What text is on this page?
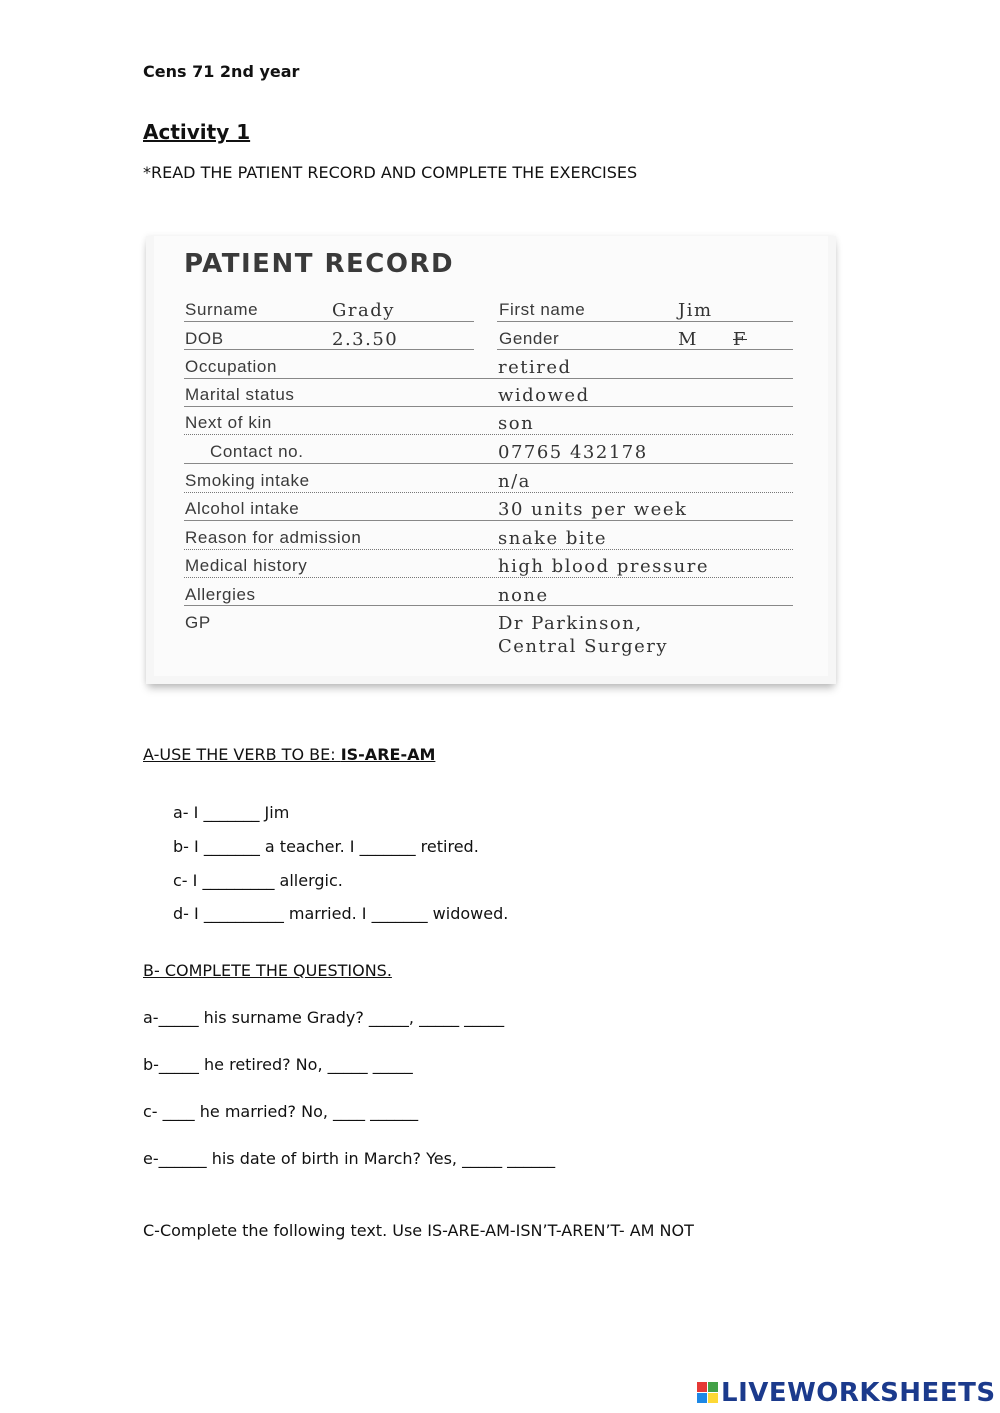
Cens 71 2nd year
Activity 1
*READ THE PATIENT RECORD AND COMPLETE THE EXERCISES
PATIENT RECORD
Surname	Grady	First name	Jim
DOB	2.3.50	Gender	M F
Occupation	retired
Marital status	widowed
Next of kin	son
Contact no.	07765 432178
Smoking intake	n/a
Alcohol intake	30 units per week
Reason for admission	snake bite
Medical history	high blood pressure
Allergies	none
GP	Dr Parkinson,
Central Surgery
A-USE THE VERB TO BE: IS-ARE-AM
a- I _______ Jim
b- I _______ a teacher. I _______ retired.
c- I _________ allergic.
d- I __________ married. I _______ widowed.
B- COMPLETE THE QUESTIONS.
a-_____ his surname Grady? _____, _____ _____
b-_____ he retired? No, _____ _____
c- ____ he married? No, ____ ______
e-______ his date of birth in March? Yes, _____ ______
C-Complete the following text. Use IS-ARE-AM-ISN’T-AREN’T- AM NOT
LIVEWORKSHEETS
